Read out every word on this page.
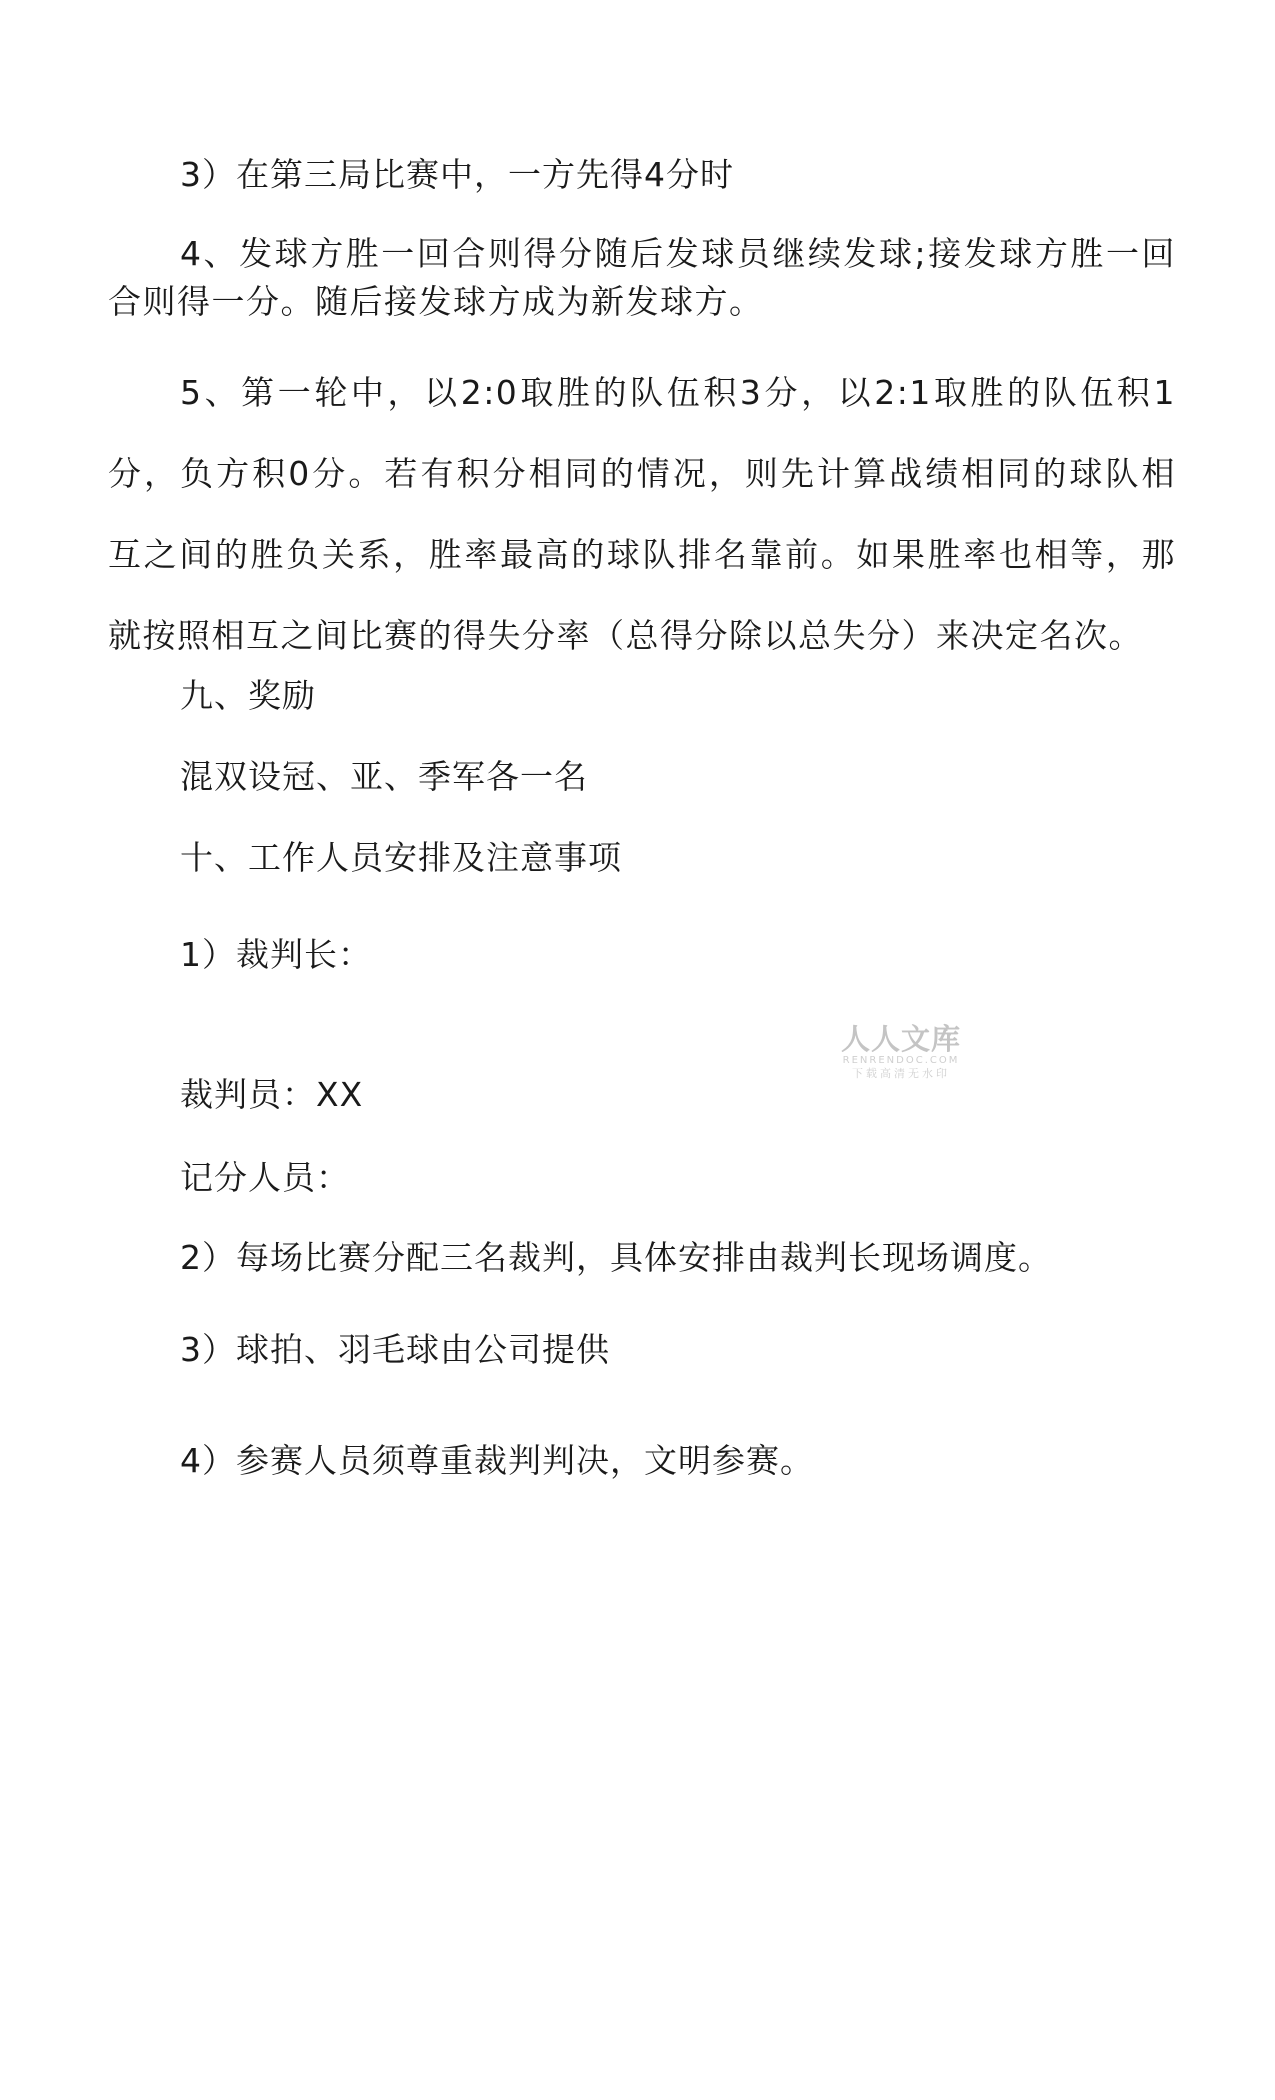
3）在第三局比赛中，一方先得4分时
4、发球方胜一回合则得分随后发球员继续发球;接发球方胜一回合则得一分。随后接发球方成为新发球方。
5、第一轮中，以2:0取胜的队伍积3分，以2:1取胜的队伍积1 分，负方积0分。若有积分相同的情况，则先计算战绩相同的球队相 互之间的胜负关系，胜率最高的球队排名靠前。如果胜率也相等，那 就按照相互之间比赛的得失分率（总得分除以总失分）来决定名次。
九、奖励
混双设冠、亚、季军各一名
十、工作人员安排及注意事项
1）裁判长：
裁判员：XX
记分人员：
2）每场比赛分配三名裁判，具体安排由裁判长现场调度。
3）球拍、羽毛球由公司提供
4）参赛人员须尊重裁判判决，文明参赛。
人人文库
RENRENDOC.COM
下载高清无水印
